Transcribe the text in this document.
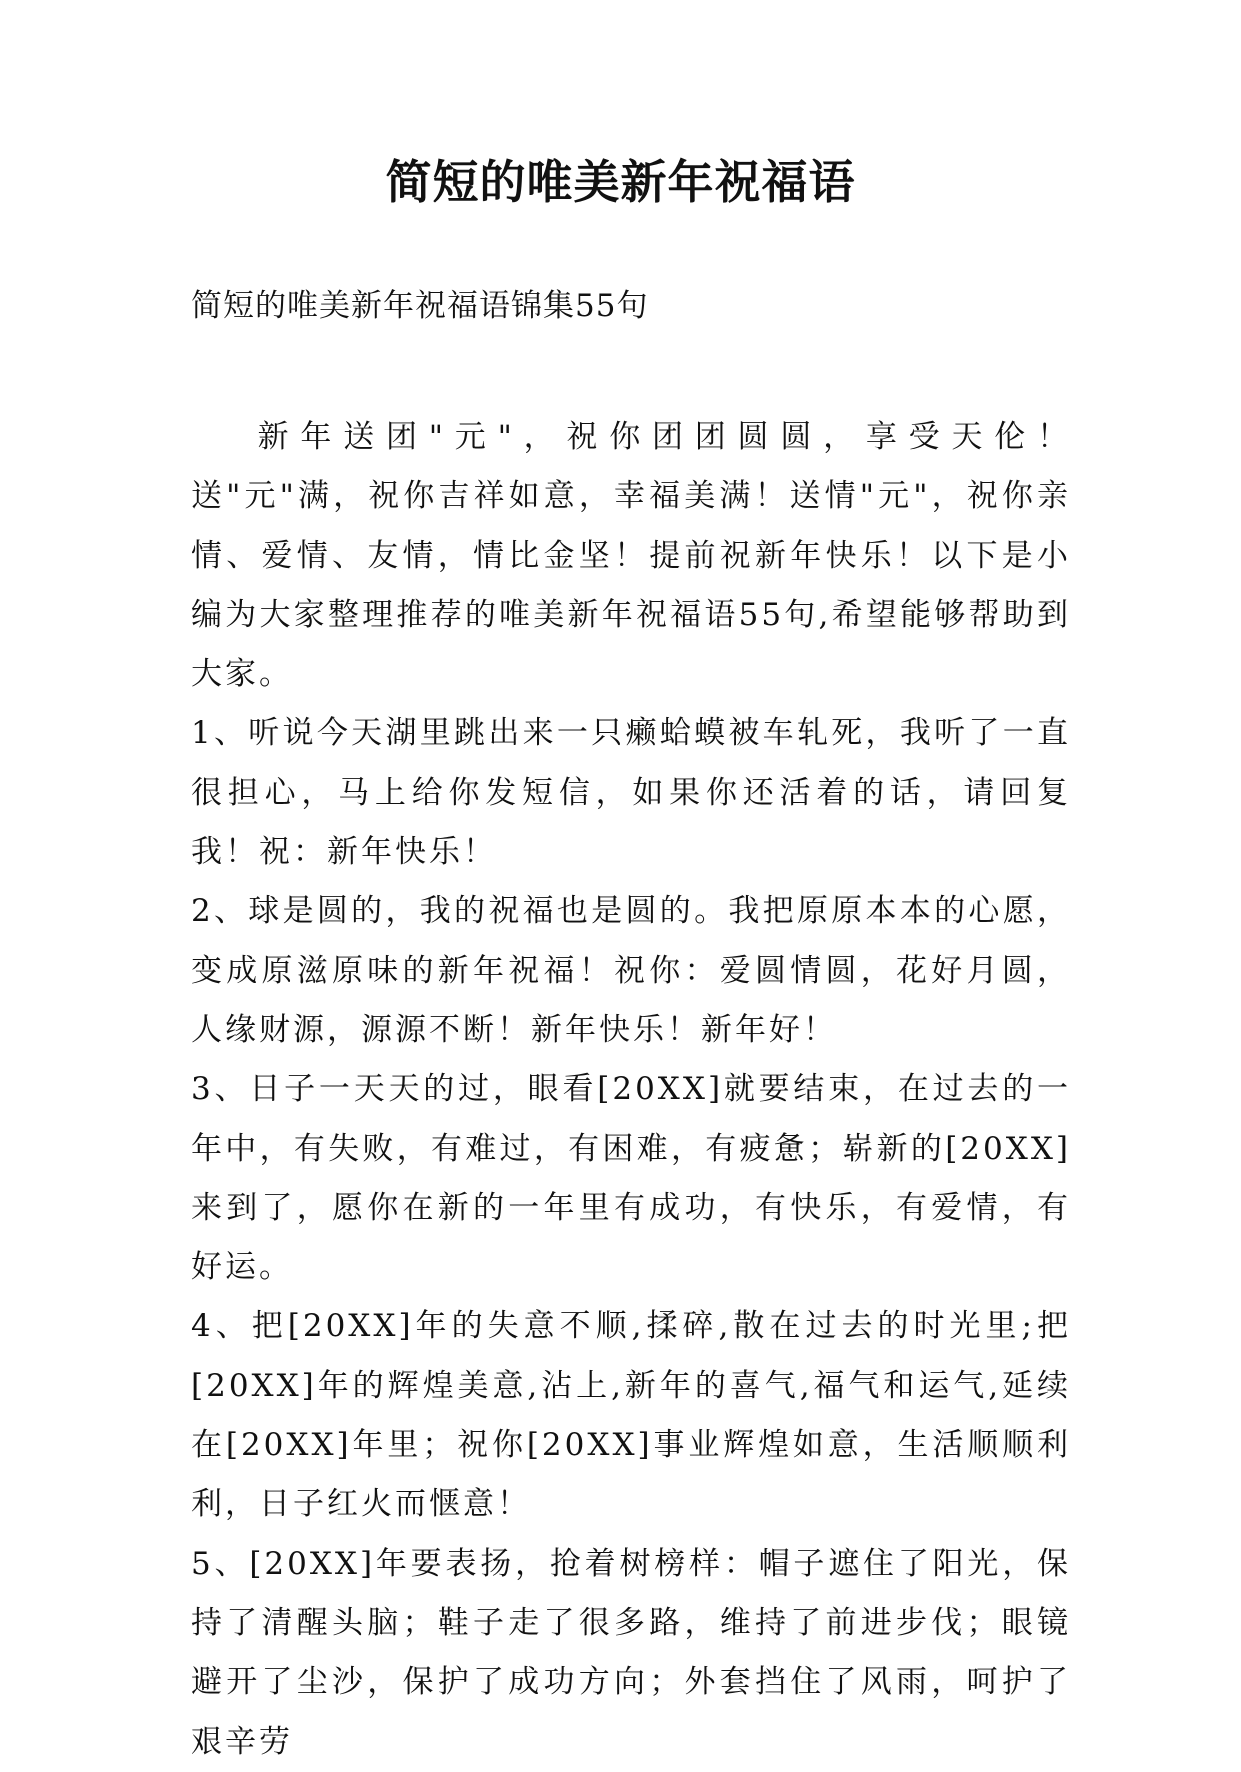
简短的唯美新年祝福语

简短的唯美新年祝福语锦集55句

新年送团"元"，祝你团团圆圆，享受天伦！送"元"满，祝你吉祥如意，幸福美满！送情"元"，祝你亲情、爱情、友情，情比金坚！提前祝新年快乐！以下是小编为大家整理推荐的唯美新年祝福语55句,希望能够帮助到大家。

1、听说今天湖里跳出来一只癞蛤蟆被车轧死，我听了一直很担心，马上给你发短信，如果你还活着的话，请回复我！祝：新年快乐！

2、球是圆的，我的祝福也是圆的。我把原原本本的心愿，变成原滋原味的新年祝福！祝你：爱圆情圆，花好月圆，人缘财源，源源不断！新年快乐！新年好！

3、日子一天天的过，眼看[20XX]就要结束，在过去的一年中，有失败，有难过，有困难，有疲惫；崭新的[20XX]来到了，愿你在新的一年里有成功，有快乐，有爱情，有好运。

4、把[20XX]年的失意不顺,揉碎,散在过去的时光里;把[20XX]年的辉煌美意,沾上,新年的喜气,福气和运气,延续在[20XX]年里；祝你[20XX]事业辉煌如意，生活顺顺利利，日子红火而惬意！

5、[20XX]年要表扬，抢着树榜样：帽子遮住了阳光，保持了清醒头脑；鞋子走了很多路，维持了前进步伐；眼镜避开了尘沙，保护了成功方向；外套挡住了风雨，呵护了艰辛劳
